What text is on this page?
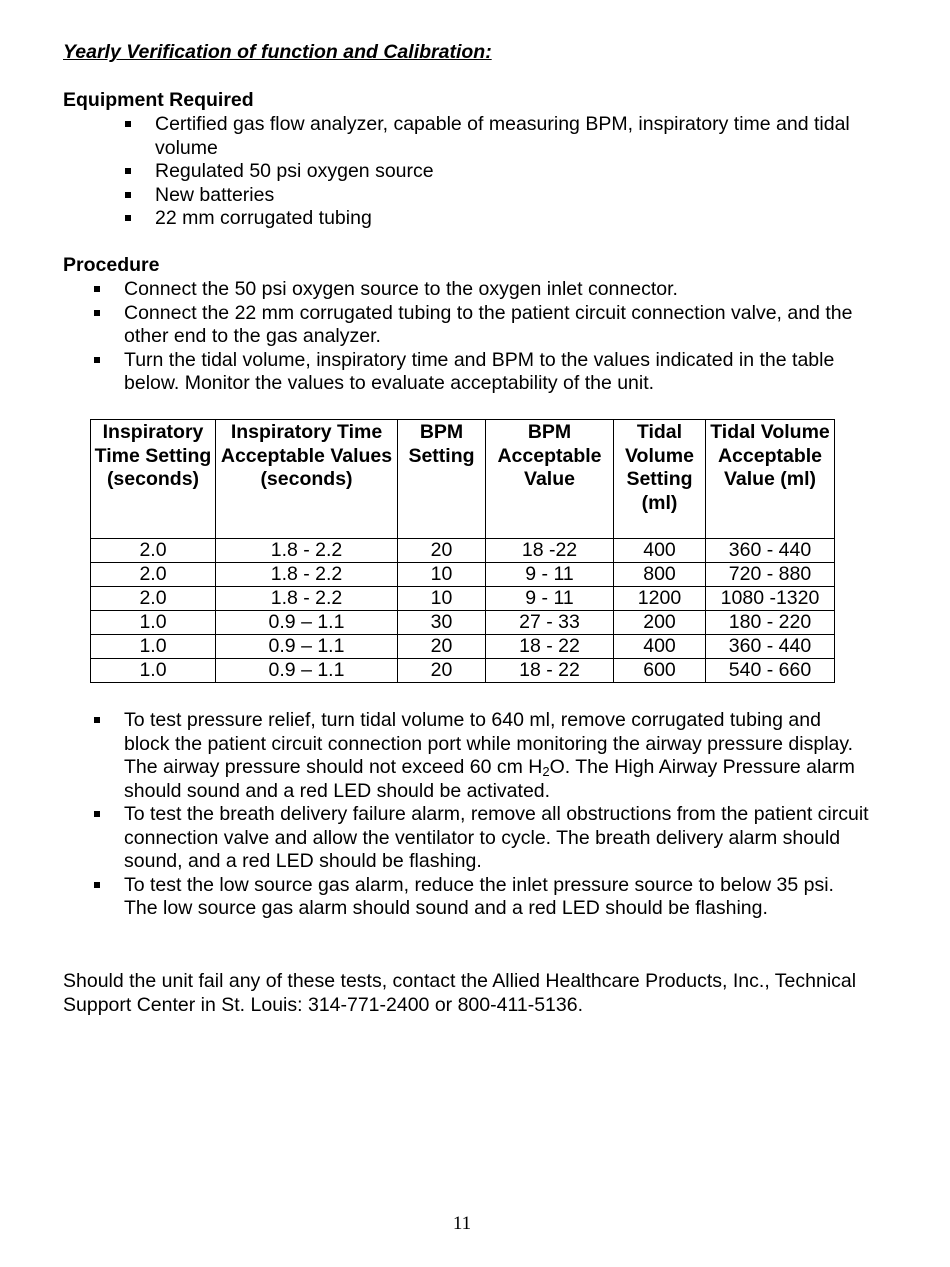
Yearly Verification of function and Calibration:
Equipment Required
Certified gas flow analyzer, capable of measuring BPM, inspiratory time and tidal volume
Regulated 50 psi oxygen source
New batteries
22 mm corrugated tubing
Procedure
Connect the 50 psi oxygen source to the oxygen inlet connector.
Connect the 22 mm corrugated tubing to the patient circuit connection valve, and the other end to the gas analyzer.
Turn the tidal volume, inspiratory time and BPM to the values indicated in the table below. Monitor the values to evaluate acceptability of the unit.
Inspiratory Time Setting (seconds)	Inspiratory Time Acceptable Values (seconds)	BPM Setting	BPM Acceptable Value	Tidal Volume Setting (ml)	Tidal Volume Acceptable Value (ml)
2.0	1.8 - 2.2	20	18 -22	400	360 - 440
2.0	1.8 - 2.2	10	9 - 11	800	720 - 880
2.0	1.8 - 2.2	10	9 - 11	1200	1080 -1320
1.0	0.9 – 1.1	30	27 - 33	200	180 - 220
1.0	0.9 – 1.1	20	18 - 22	400	360 - 440
1.0	0.9 – 1.1	20	18 - 22	600	540 - 660
To test pressure relief, turn tidal volume to 640 ml, remove corrugated tubing and block the patient circuit connection port while monitoring the airway pressure display. The airway pressure should not exceed 60 cm $H_2O$. The High Airway Pressure alarm should sound and a red LED should be activated.
To test the breath delivery failure alarm, remove all obstructions from the patient circuit connection valve and allow the ventilator to cycle. The breath delivery alarm should sound, and a red LED should be flashing.
To test the low source gas alarm, reduce the inlet pressure source to below 35 psi. The low source gas alarm should sound and a red LED should be flashing.
Should the unit fail any of these tests, contact the Allied Healthcare Products, Inc., Technical Support Center in St. Louis: 314-771-2400 or 800-411-5136.
11
